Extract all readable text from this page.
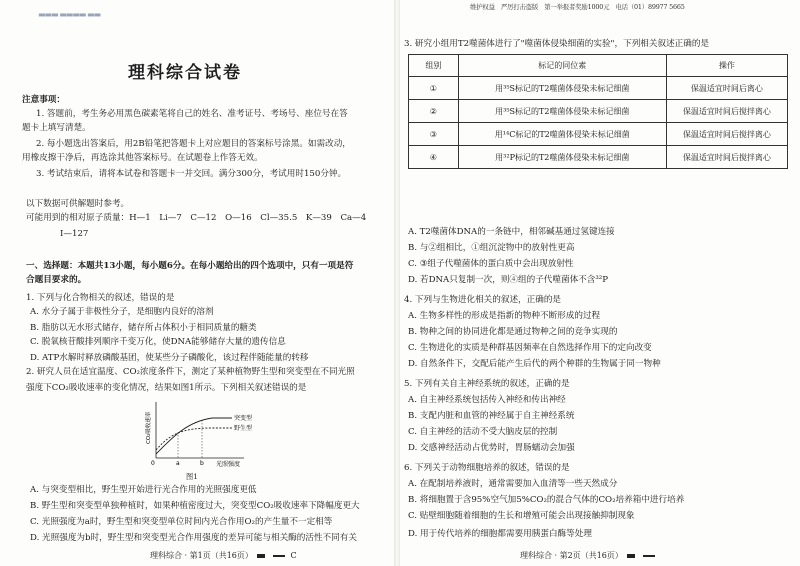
▬▬▬ ▬▬▬▬ ▬▬
理科综合试卷
注意事项：
1. 答题前，考生务必用黑色碳素笔将自己的姓名、准考证号、考场号、座位号在答
题卡上填写清楚。
2. 每小题选出答案后，用2B铅笔把答题卡上对应题目的答案标号涂黑。如需改动，
用橡皮擦干净后，再选涂其他答案标号。在试题卷上作答无效。
3. 考试结束后，请将本试卷和答题卡一并交回。满分300分，考试用时150分钟。
以下数据可供解题时参考。
可能用到的相对原子质量：H—1　Li—7　C—12　O—16　Cl—35.5　K—39　Ca—4
I—127
一、选择题：本题共13小题，每小题6分。在每小题给出的四个选项中，只有一项是符
合题目要求的。
1. 下列与化合物相关的叙述，错误的是
A. 水分子属于非极性分子，是细胞内良好的溶剂
B. 脂肪以无水形式储存，储存所占体积小于相同质量的糖类
C. 脱氧核苷酸排列顺序千变万化，使DNA能够储存大量的遗传信息
D. ATP水解时释放磷酸基团，使某些分子磷酸化，该过程伴随能量的转移
2. 研究人员在适宜温度、CO₂浓度条件下，测定了某种植物野生型和突变型在不同光照
强度下CO₂吸收速率的变化情况，结果如图1所示。下列相关叙述错误的是
突变型
野生型
a	b
0	光照强度
CO₂吸收速率
图1
A. 与突变型相比，野生型开始进行光合作用的光照强度更低
B. 野生型和突变型单独种植时，如果种植密度过大，突变型CO₂吸收速率下降幅度更大
C. 光照强度为a时，野生型和突变型单位时间内光合作用O₂的产生量不一定相等
D. 光照强度为b时，野生型和突变型光合作用强度的差异可能与相关酶的活性不同有关
理科综合 · 第1页（共16页）	C
维护权益　严厉打击盗版　第一举报者奖励1000元　电话（01）89977 5665
3. 研究小组用T2噬菌体进行了"噬菌体侵染细菌的实验"，下列相关叙述正确的是
组别	标记的同位素	操作
①	用³⁵S标记的T2噬菌体侵染未标记细菌	保温适宜时间后离心
②	用³⁵S标记的T2噬菌体侵染未标记细菌	保温适宜时间后搅拌离心
③	用¹⁴C标记的T2噬菌体侵染未标记细菌	保温适宜时间后搅拌离心
④	用³²P标记的T2噬菌体侵染未标记细菌	保温适宜时间后搅拌离心
A. T2噬菌体DNA的一条链中，相邻碱基通过氢键连接
B. 与②组相比，①组沉淀物中的放射性更高
C. ③组子代噬菌体的蛋白质中会出现放射性
D. 若DNA只复制一次，则④组的子代噬菌体不含³²P
4. 下列与生物进化相关的叙述，正确的是
A. 生物多样性的形成是指新的物种不断形成的过程
B. 物种之间的协同进化都是通过物种之间的竞争实现的
C. 生物进化的实质是种群基因频率在自然选择作用下的定向改变
D. 自然条件下，交配后能产生后代的两个种群的生物属于同一物种
5. 下列有关自主神经系统的叙述，正确的是
A. 自主神经系统包括传入神经和传出神经
B. 支配内脏和血管的神经属于自主神经系统
C. 自主神经的活动不受大脑皮层的控制
D. 交感神经活动占优势时，胃肠蠕动会加强
6. 下列关于动物细胞培养的叙述，错误的是
A. 在配制培养液时，通常需要加入血清等一些天然成分
B. 将细胞置于含95%空气加5%CO₂的混合气体的CO₂培养箱中进行培养
C. 贴壁细胞随着细胞的生长和增殖可能会出现接触抑制现象
D. 用于传代培养的细胞都需要用胰蛋白酶等处理
理科综合 · 第2页（共16页）
